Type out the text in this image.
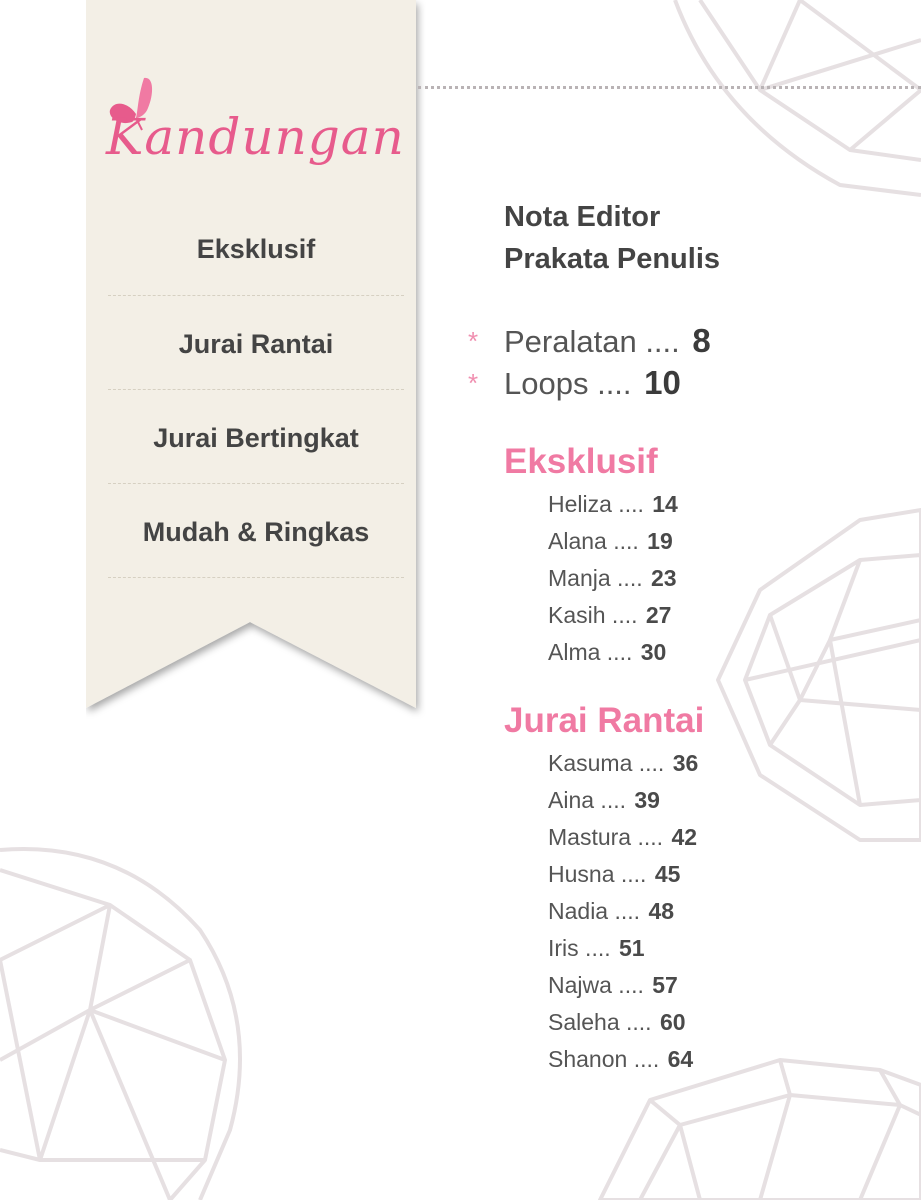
Kandungan
Eksklusif
Jurai Rantai
Jurai Bertingkat
Mudah & Ringkas
Nota Editor
Prakata Penulis
* Peralatan .... 8
* Loops .... 10
Eksklusif
Heliza .... 14
Alana .... 19
Manja .... 23
Kasih .... 27
Alma .... 30
Jurai Rantai
Kasuma .... 36
Aina .... 39
Mastura .... 42
Husna .... 45
Nadia .... 48
Iris .... 51
Najwa .... 57
Saleha .... 60
Shanon .... 64
